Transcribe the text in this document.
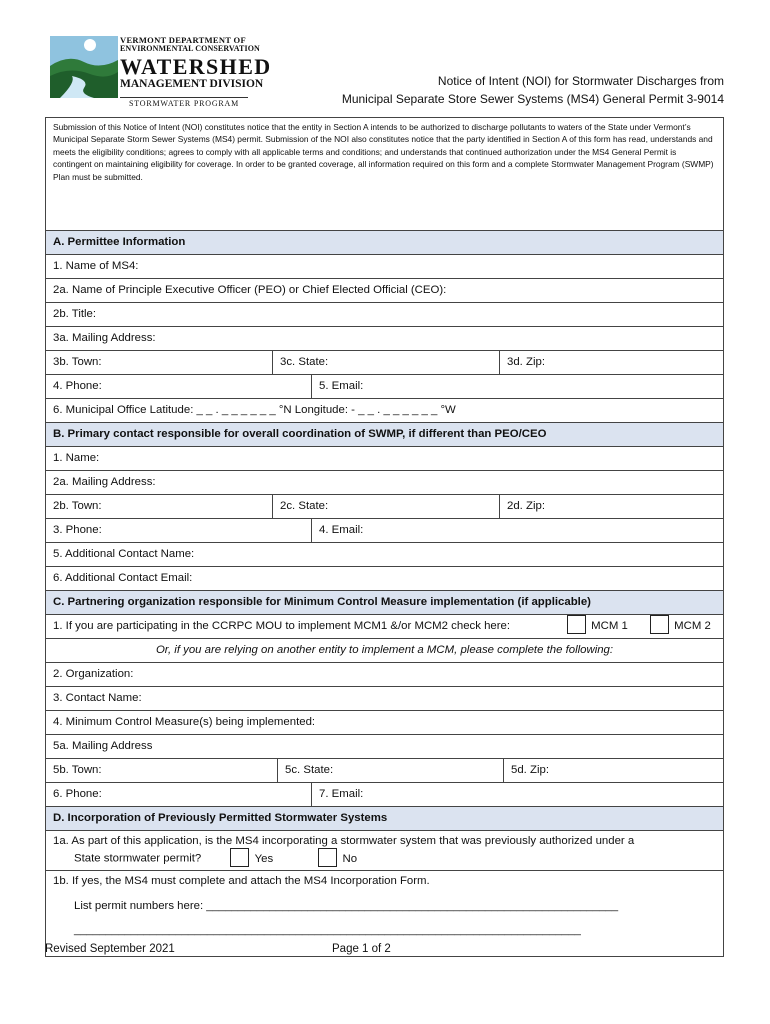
VERMONT DEPARTMENT OF
ENVIRONMENTAL CONSERVATION
WATERSHED
MANAGEMENT DIVISION
STORMWATER PROGRAM
Notice of Intent (NOI) for Stormwater Discharges from
Municipal Separate Store Sewer Systems (MS4) General Permit 3-9014
Submission of this Notice of Intent (NOI) constitutes notice that the entity in Section A intends to be authorized to discharge pollutants to waters of the State under Vermont’s Municipal Separate Storm Sewer Systems (MS4) permit. Submission of the NOI also constitutes notice that the party identified in Section A of this form has read, understands and meets the eligibility conditions; agrees to comply with all applicable terms and conditions; and understands that continued authorization under the MS4 General Permit is contingent on maintaining eligibility for coverage. In order to be granted coverage, all information required on this form and a complete Stormwater Management Program (SWMP) Plan must be submitted.
A. Permittee Information
1. Name of MS4:
2a. Name of Principle Executive Officer (PEO) or Chief Elected Official (CEO):
2b. Title:
3a. Mailing Address:
3b. Town:	3c. State:	3d. Zip:
4. Phone:	5. Email:
6. Municipal Office Latitude: _ _ . _ _ _ _ _ _ °N Longitude: - _ _ . _ _ _ _ _ _ °W
B. Primary contact responsible for overall coordination of SWMP, if different than PEO/CEO
1. Name:
2a. Mailing Address:
2b. Town:	2c. State:	2d. Zip:
3. Phone:	4. Email:
5. Additional Contact Name:
6. Additional Contact Email:
C. Partnering organization responsible for Minimum Control Measure implementation (if applicable)
1. If you are participating in the CCRPC MOU to implement MCM1 &/or MCM2 check here:	MCM 1	MCM 2
Or, if you are relying on another entity to implement a MCM, please complete the following:
2. Organization:
3. Contact Name:
4. Minimum Control Measure(s) being implemented:
5a. Mailing Address
5b. Town:	5c. State:	5d. Zip:
6. Phone:	7. Email:
D. Incorporation of Previously Permitted Stormwater Systems
1a. As part of this application, is the MS4 incorporating a stormwater system that was previously authorized under a
State stormwater permit?	Yes	No
1b. If yes, the MS4 must complete and attach the MS4 Incorporation Form.
List permit numbers here: _________________________________________________________________
________________________________________________________________________________
Revised September 2021	Page 1 of 2
